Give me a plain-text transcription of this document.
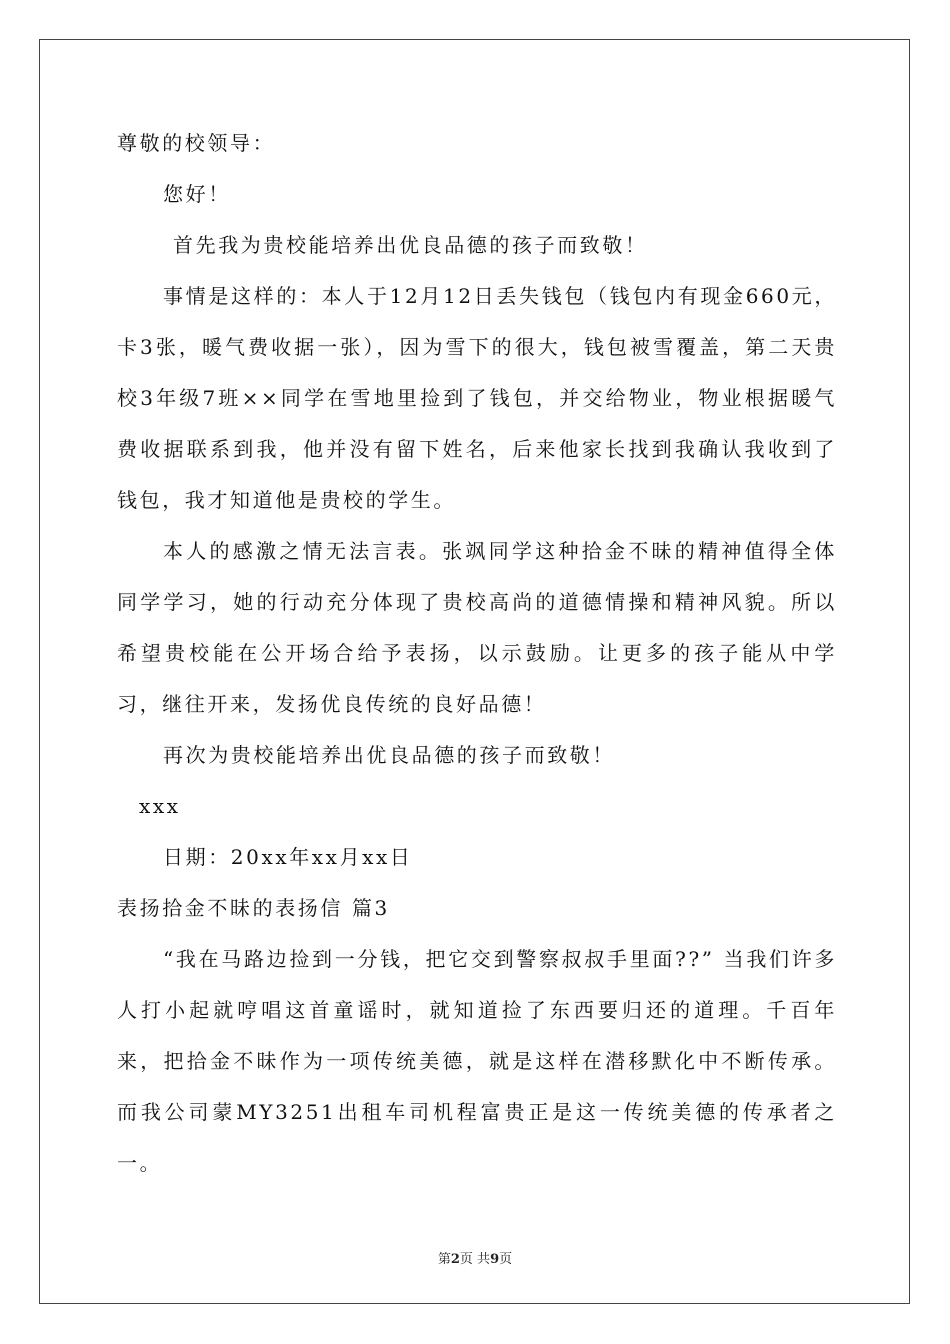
尊敬的校领导：
您好！
首先我为贵校能培养出优良品德的孩子而致敬！

事情是这样的：本人于12月12日丢失钱包（钱包内有现金660元，卡3张，暖气费收据一张），因为雪下的很大，钱包被雪覆盖，第二天贵校3年级7班××同学在雪地里捡到了钱包，并交给物业，物业根据暖气费收据联系到我，他并没有留下姓名，后来他家长找到我确认我收到了钱包，我才知道他是贵校的学生。

本人的感激之情无法言表。张飒同学这种拾金不昧的精神值得全体同学学习，她的行动充分体现了贵校高尚的道德情操和精神风貌。所以希望贵校能在公开场合给予表扬，以示鼓励。让更多的孩子能从中学习，继往开来，发扬优良传统的良好品德！

再次为贵校能培养出优良品德的孩子而致敬！
xxx
日期：20xx年xx月xx日
表扬拾金不昧的表扬信 篇3

“我在马路边捡到一分钱，把它交到警察叔叔手里面??” 当我们许多人打小起就哼唱这首童谣时，就知道捡了东西要归还的道理。千百年来，把拾金不昧作为一项传统美德，就是这样在潜移默化中不断传承。而我公司蒙MY3251出租车司机程富贵正是这一传统美德的传承者之一。

第2页 共9页
